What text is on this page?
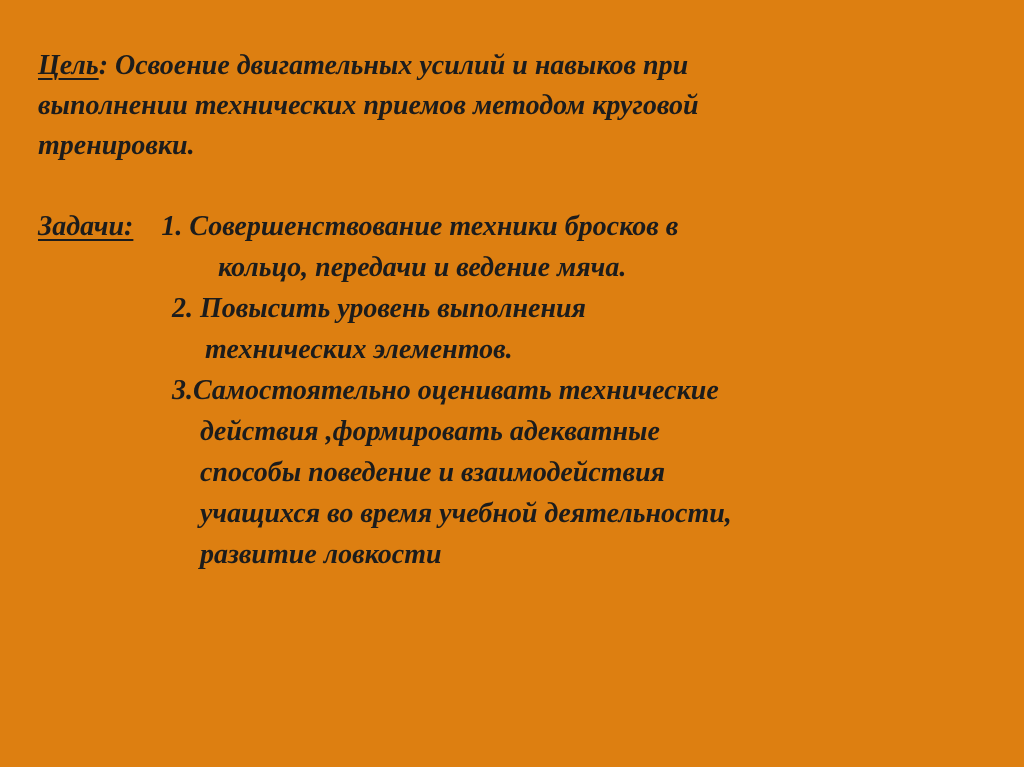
Цель: Освоение двигательных усилий и навыков при
выполнении технических приемов методом круговой
тренировки.
Задачи: 1. Совершенствование техники бросков в
кольцо, передачи и ведение мяча.
2. Повысить уровень выполнения
технических элементов.
3.Самостоятельно оценивать технические
действия ,формировать адекватные
способы поведение и взаимодействия
учащихся во время учебной деятельности,
развитие ловкости
